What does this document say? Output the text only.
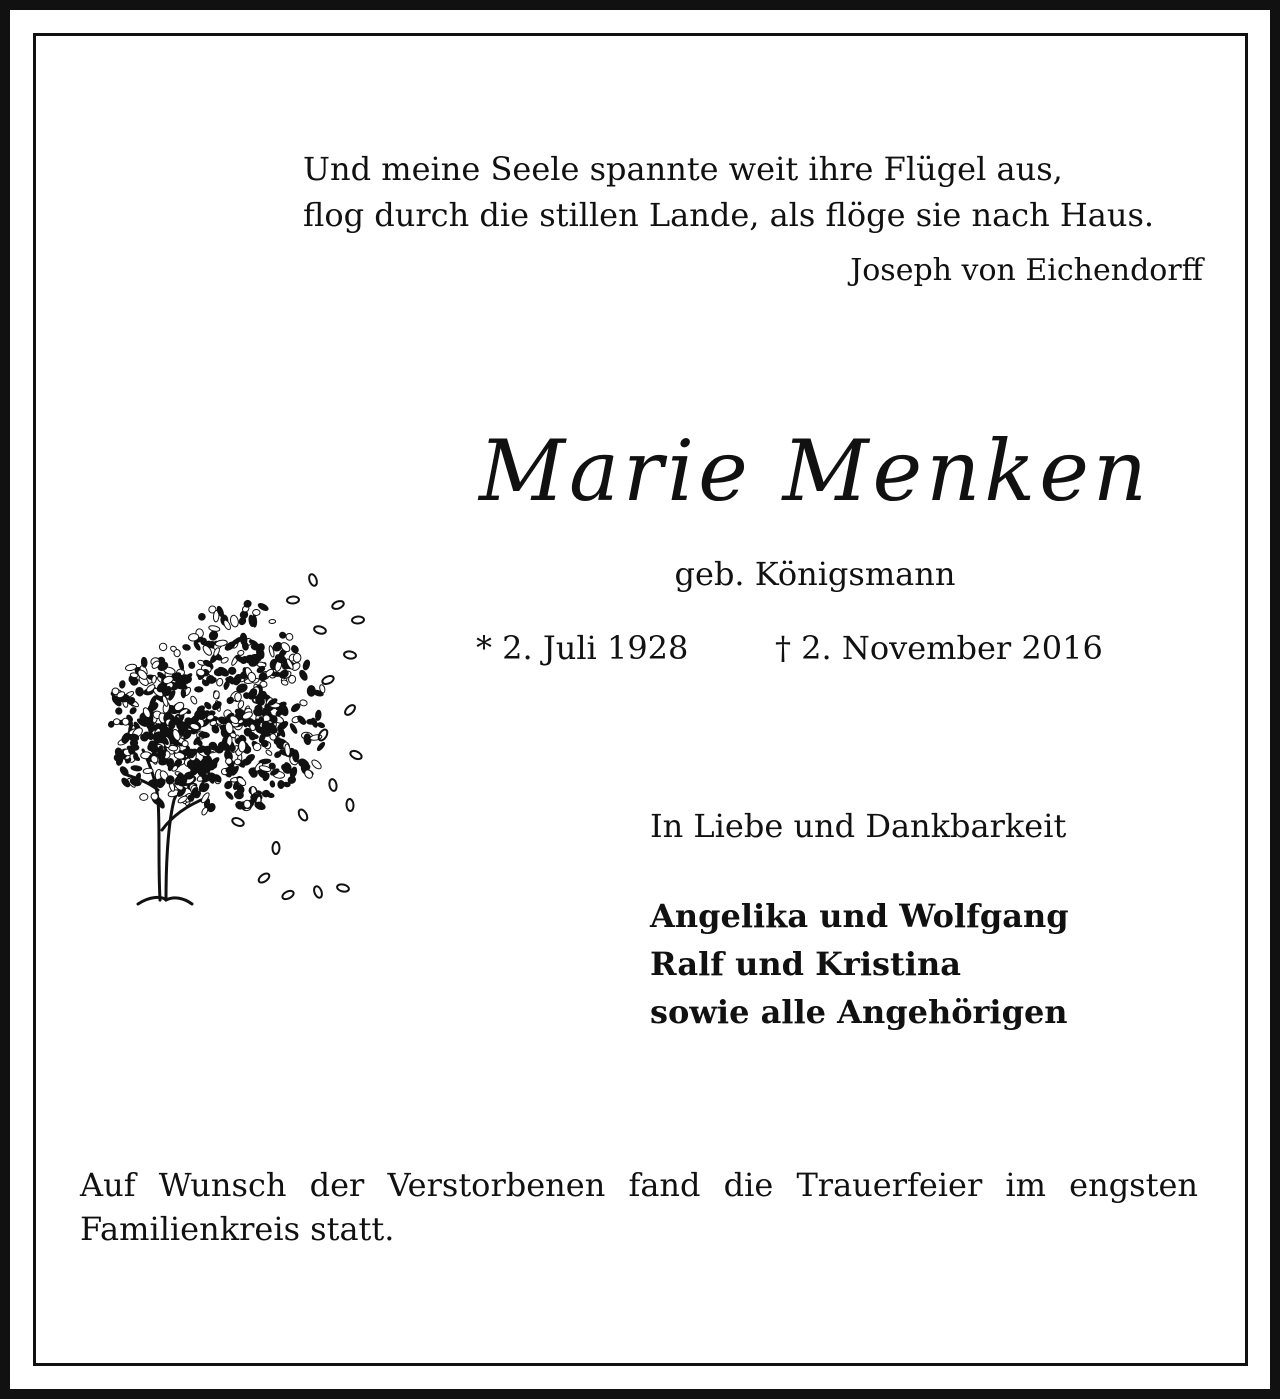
Und meine Seele spannte weit ihre Flügel aus,
flog durch die stillen Lande, als flöge sie nach Haus.
Joseph von Eichendorff
Marie Menken
geb. Königsmann
* 2. Juli 1928	† 2. November 2016
In Liebe und Dankbarkeit
Angelika und Wolfgang
Ralf und Kristina
sowie alle Angehörigen
Auf Wunsch der Verstorbenen fand die Trauerfeier im engsten Familienkreis statt.
